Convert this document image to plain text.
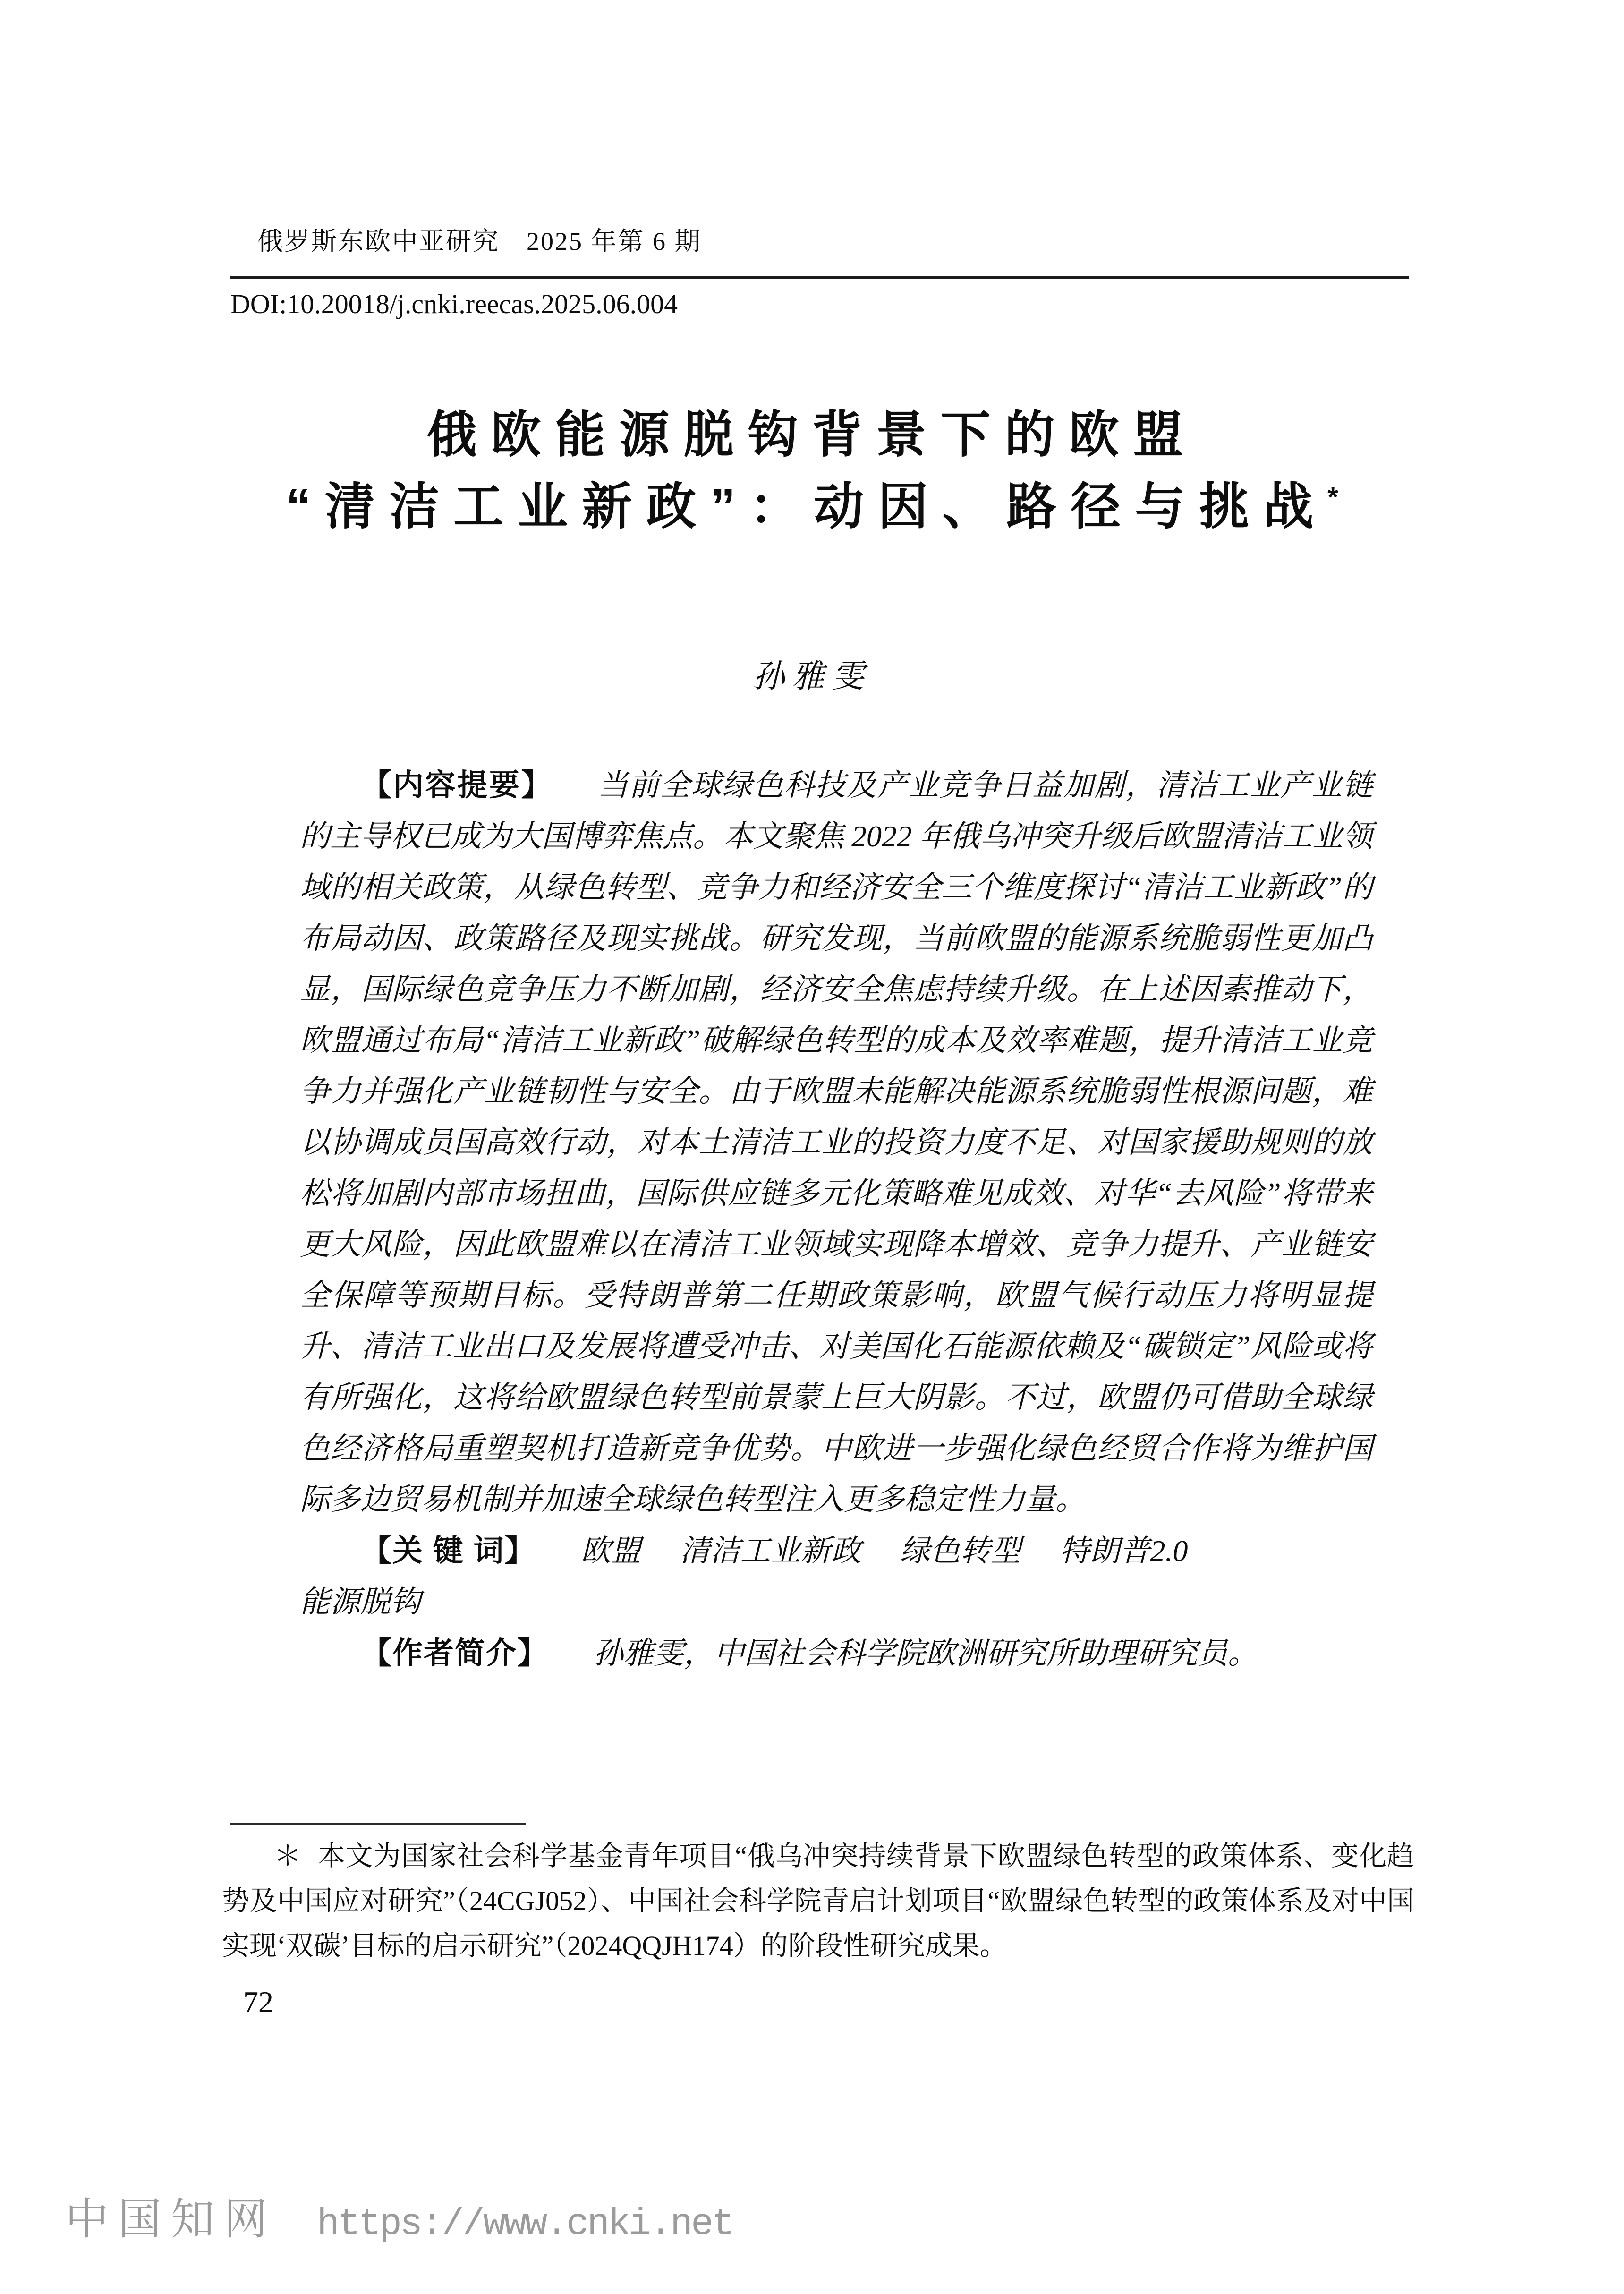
俄罗斯东欧中亚研究　2025 年第 6 期
DOI:10.20018/j.cnki.reecas.2025.06.004
俄欧能源脱钩背景下的欧盟
“清洁工业新政”：动因、路径与挑战*
孙雅雯

【内容提要】 当前全球绿色科技及产业竞争日益加剧，清洁工业产业链的主导权已成为大国博弈焦点。本文聚焦 2022 年俄乌冲突升级后欧盟清洁工业领域的相关政策，从绿色转型、竞争力和经济安全三个维度探讨“清洁工业新政”的布局动因、政策路径及现实挑战。研究发现，当前欧盟的能源系统脆弱性更加凸显，国际绿色竞争压力不断加剧，经济安全焦虑持续升级。在上述因素推动下，欧盟通过布局“清洁工业新政”破解绿色转型的成本及效率难题，提升清洁工业竞争力并强化产业链韧性与安全。由于欧盟未能解决能源系统脆弱性根源问题，难以协调成员国高效行动，对本土清洁工业的投资力度不足、对国家援助规则的放松将加剧内部市场扭曲，国际供应链多元化策略难见成效、对华“去风险”将带来更大风险，因此欧盟难以在清洁工业领域实现降本增效、竞争力提升、产业链安全保障等预期目标。受特朗普第二任期政策影响，欧盟气候行动压力将明显提升、清洁工业出口及发展将遭受冲击、对美国化石能源依赖及“碳锁定”风险或将有所强化，这将给欧盟绿色转型前景蒙上巨大阴影。不过，欧盟仍可借助全球绿色经济格局重塑契机打造新竞争优势。中欧进一步强化绿色经贸合作将为维护国际多边贸易机制并加速全球绿色转型注入更多稳定性力量。

【关 键 词】 欧盟 清洁工业新政 绿色转型 特朗普2.0

能源脱钩

【作者简介】 孙雅雯，中国社会科学院欧洲研究所助理研究员。

＊ 本文为国家社会科学基金青年项目“俄乌冲突持续背景下欧盟绿色转型的政策体系、变化趋势及中国应对研究”（24CGJ052）、中国社会科学院青启计划项目“欧盟绿色转型的政策体系及对中国实现‘双碳’目标的启示研究”（2024QQJH174）的阶段性研究成果。

72
中国知网 https://www.cnki.net
